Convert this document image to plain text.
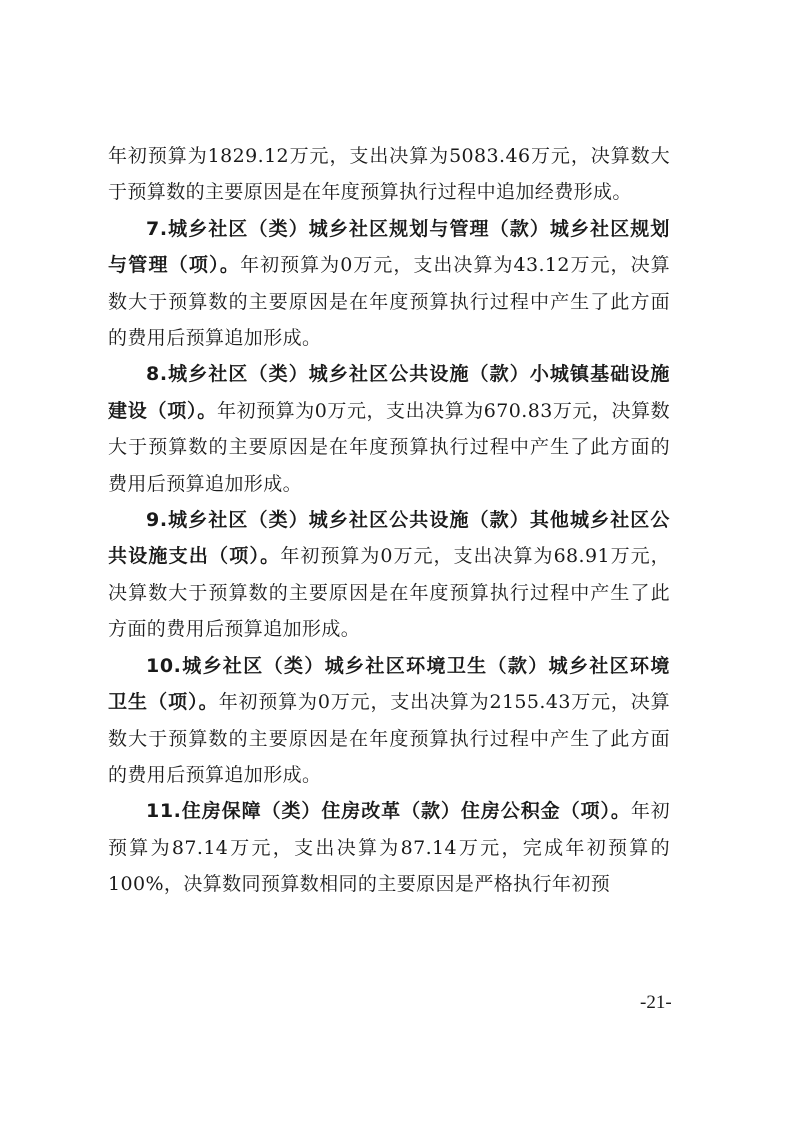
年初预算为1829.12万元，支出决算为5083.46万元，决算数大于预算数的主要原因是在年度预算执行过程中追加经费形成。

7.城乡社区（类）城乡社区规划与管理（款）城乡社区规划与管理（项）。年初预算为0万元，支出决算为43.12万元，决算数大于预算数的主要原因是在年度预算执行过程中产生了此方面的费用后预算追加形成。

8.城乡社区（类）城乡社区公共设施（款）小城镇基础设施建设（项）。年初预算为0万元，支出决算为670.83万元，决算数大于预算数的主要原因是在年度预算执行过程中产生了此方面的费用后预算追加形成。

9.城乡社区（类）城乡社区公共设施（款）其他城乡社区公共设施支出（项）。年初预算为0万元，支出决算为68.91万元，决算数大于预算数的主要原因是在年度预算执行过程中产生了此方面的费用后预算追加形成。

10.城乡社区（类）城乡社区环境卫生（款）城乡社区环境卫生（项）。年初预算为0万元，支出决算为2155.43万元，决算数大于预算数的主要原因是在年度预算执行过程中产生了此方面的费用后预算追加形成。

11.住房保障（类）住房改革（款）住房公积金（项）。年初预算为87.14万元，支出决算为87.14万元，完成年初预算的100%，决算数同预算数相同的主要原因是严格执行年初预

-21-
